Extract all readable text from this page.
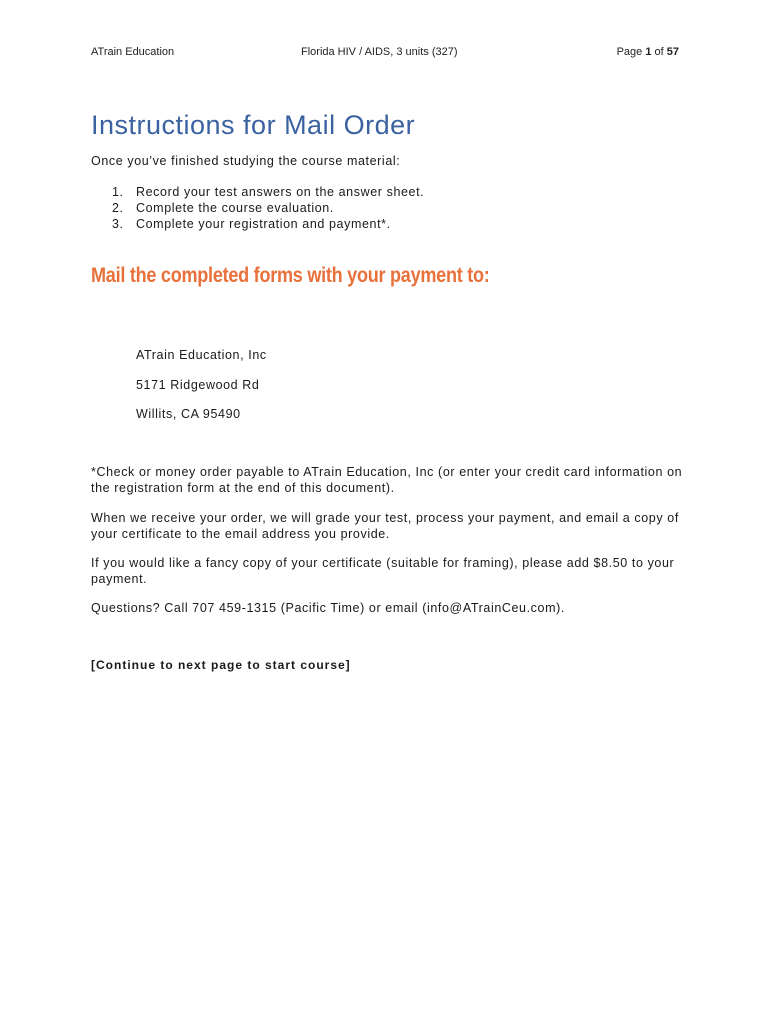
ATrain Education	Florida HIV / AIDS, 3 units (327)	Page 1 of 57
Instructions for Mail Order
Once you’ve finished studying the course material:
1. Record your test answers on the answer sheet.
2. Complete the course evaluation.
3. Complete your registration and payment*.
Mail the completed forms with your payment to:
ATrain Education, Inc
5171 Ridgewood Rd
Willits, CA 95490

*Check or money order payable to ATrain Education, Inc (or enter your credit card information on the registration form at the end of this document).

When we receive your order, we will grade your test, process your payment, and email a copy of your certificate to the email address you provide.

If you would like a fancy copy of your certificate (suitable for framing), please add $8.50 to your payment.

Questions? Call 707 459-1315 (Pacific Time) or email (info@ATrainCeu.com).

[Continue to next page to start course]
